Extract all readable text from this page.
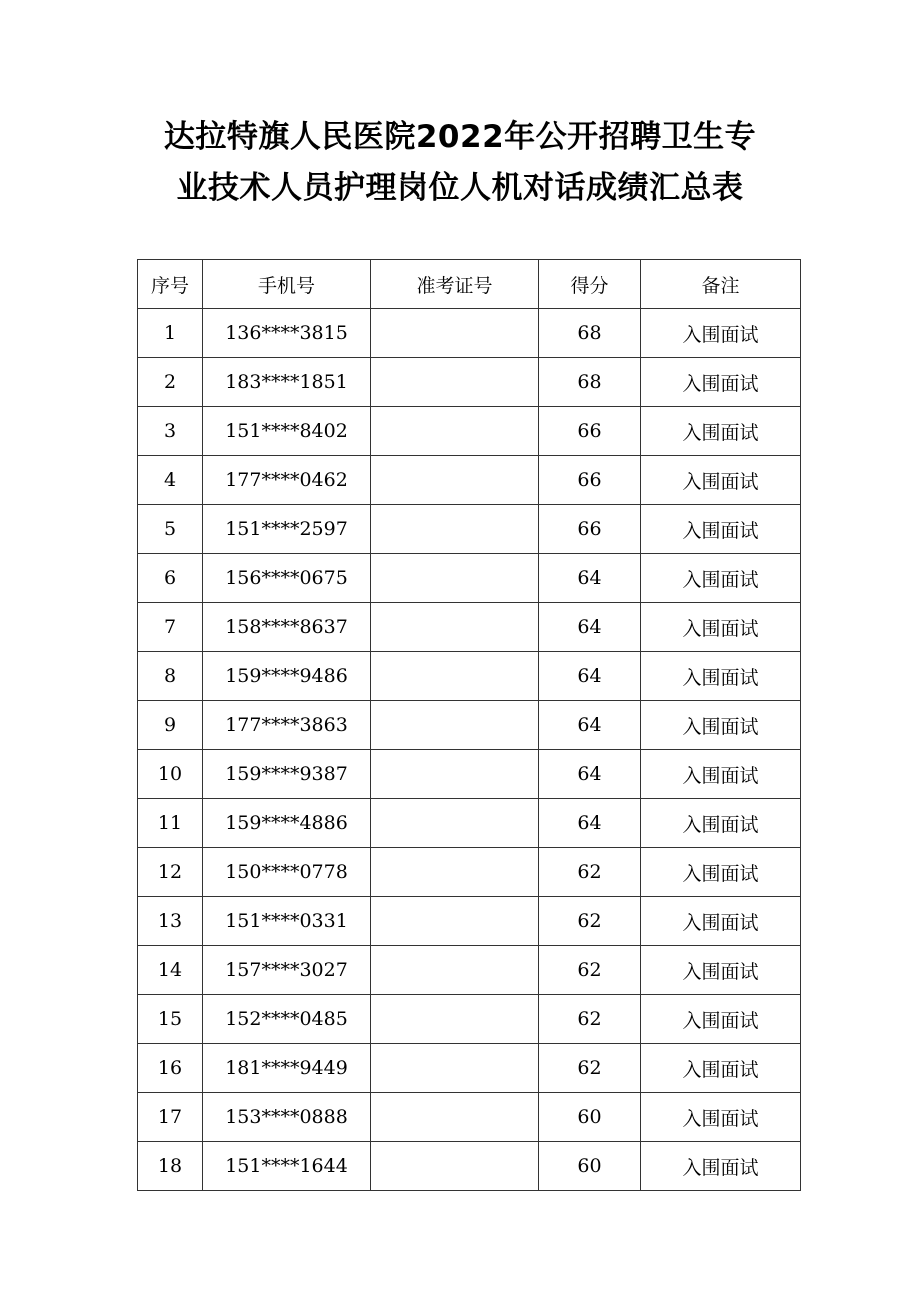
达拉特旗人民医院2022年公开招聘卫生专
业技术人员护理岗位人机对话成绩汇总表
序号	手机号	准考证号	得分	备注
1	136****3815		68	入围面试
2	183****1851		68	入围面试
3	151****8402		66	入围面试
4	177****0462		66	入围面试
5	151****2597		66	入围面试
6	156****0675		64	入围面试
7	158****8637		64	入围面试
8	159****9486		64	入围面试
9	177****3863		64	入围面试
10	159****9387		64	入围面试
11	159****4886		64	入围面试
12	150****0778		62	入围面试
13	151****0331		62	入围面试
14	157****3027		62	入围面试
15	152****0485		62	入围面试
16	181****9449		62	入围面试
17	153****0888		60	入围面试
18	151****1644		60	入围面试
